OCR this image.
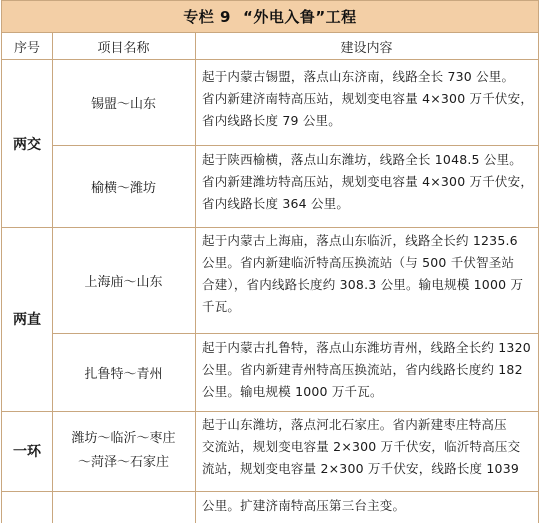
专栏 9 “外电入鲁”工程
序号	项目名称	建设内容
两交
两直
一环
锡盟～山东
榆横～潍坊
上海庙～山东
扎鲁特～青州
潍坊～临沂～枣庄
～菏泽～石家庄
起于内蒙古锡盟，落点山东济南，线路全长 730 公里。
省内新建济南特高压站，规划变电容量 4×300 万千伏安，
省内线路长度 79 公里。
起于陕西榆横，落点山东潍坊，线路全长 1048.5 公里。
省内新建潍坊特高压站，规划变电容量 4×300 万千伏安，
省内线路长度 364 公里。
起于内蒙古上海庙，落点山东临沂，线路全长约 1235.6
公里。省内新建临沂特高压换流站（与 500 千伏智圣站
合建），省内线路长度约 308.3 公里。输电规模 1000 万
千瓦。
起于内蒙古扎鲁特，落点山东潍坊青州，线路全长约 1320
公里。省内新建青州特高压换流站，省内线路长度约 182
公里。输电规模 1000 万千瓦。
起于山东潍坊，落点河北石家庄。省内新建枣庄特高压
交流站，规划变电容量 2×300 万千伏安，临沂特高压交
流站，规划变电容量 2×300 万千伏安，线路长度 1039
公里。扩建济南特高压第三台主变。
